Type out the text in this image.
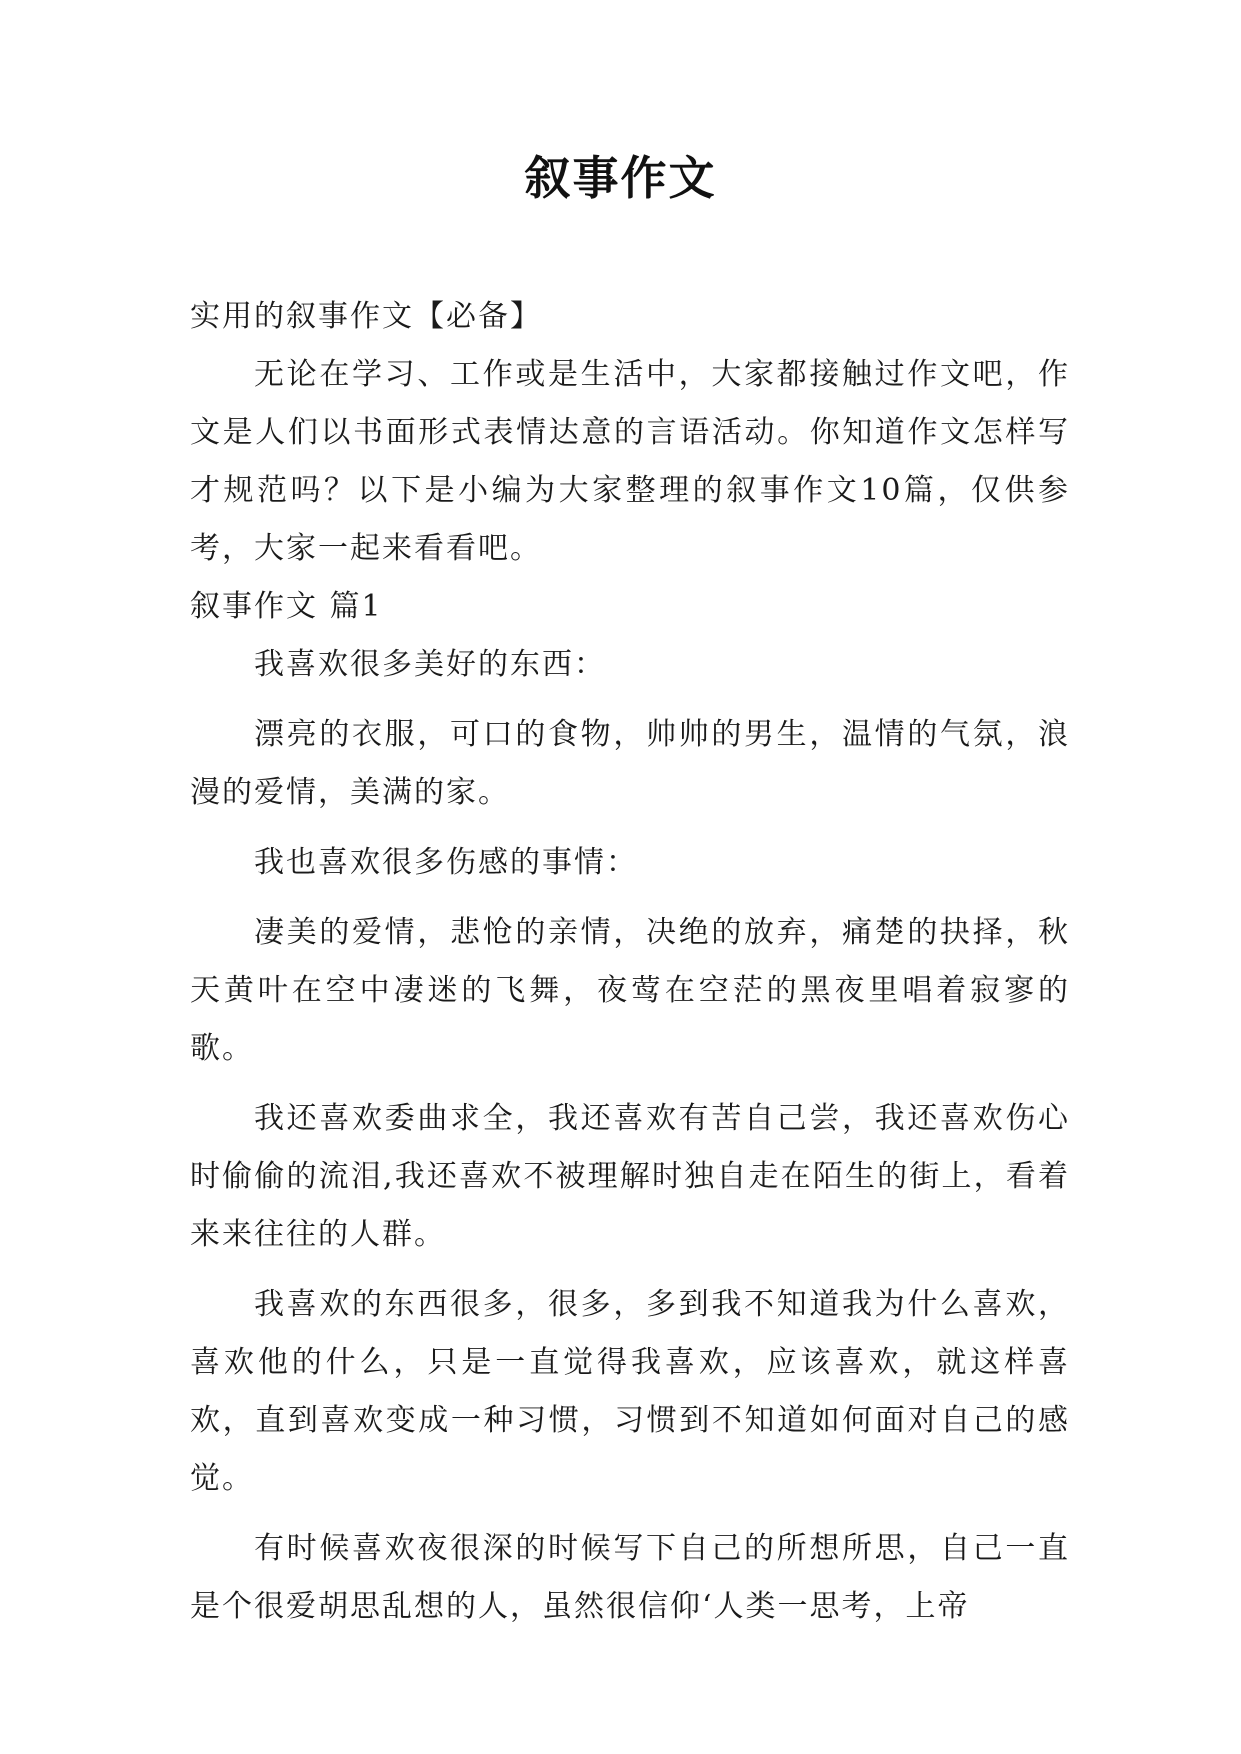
叙事作文

实用的叙事作文【必备】

无论在学习、工作或是生活中，大家都接触过作文吧，作文是人们以书面形式表情达意的言语活动。你知道作文怎样写才规范吗？以下是小编为大家整理的叙事作文10篇，仅供参考，大家一起来看看吧。

叙事作文 篇1

我喜欢很多美好的东西：

漂亮的衣服，可口的食物，帅帅的男生，温情的气氛，浪漫的爱情，美满的家。

我也喜欢很多伤感的事情：

凄美的爱情，悲怆的亲情，决绝的放弃，痛楚的抉择，秋天黄叶在空中凄迷的飞舞，夜莺在空茫的黑夜里唱着寂寥的歌。

我还喜欢委曲求全，我还喜欢有苦自己尝，我还喜欢伤心时偷偷的流泪,我还喜欢不被理解时独自走在陌生的街上，看着来来往往的人群。

我喜欢的东西很多，很多，多到我不知道我为什么喜欢，喜欢他的什么，只是一直觉得我喜欢，应该喜欢，就这样喜欢，直到喜欢变成一种习惯，习惯到不知道如何面对自己的感觉。

有时候喜欢夜很深的时候写下自己的所想所思，自己一直是个很爱胡思乱想的人，虽然很信仰‘人类一思考，上帝
